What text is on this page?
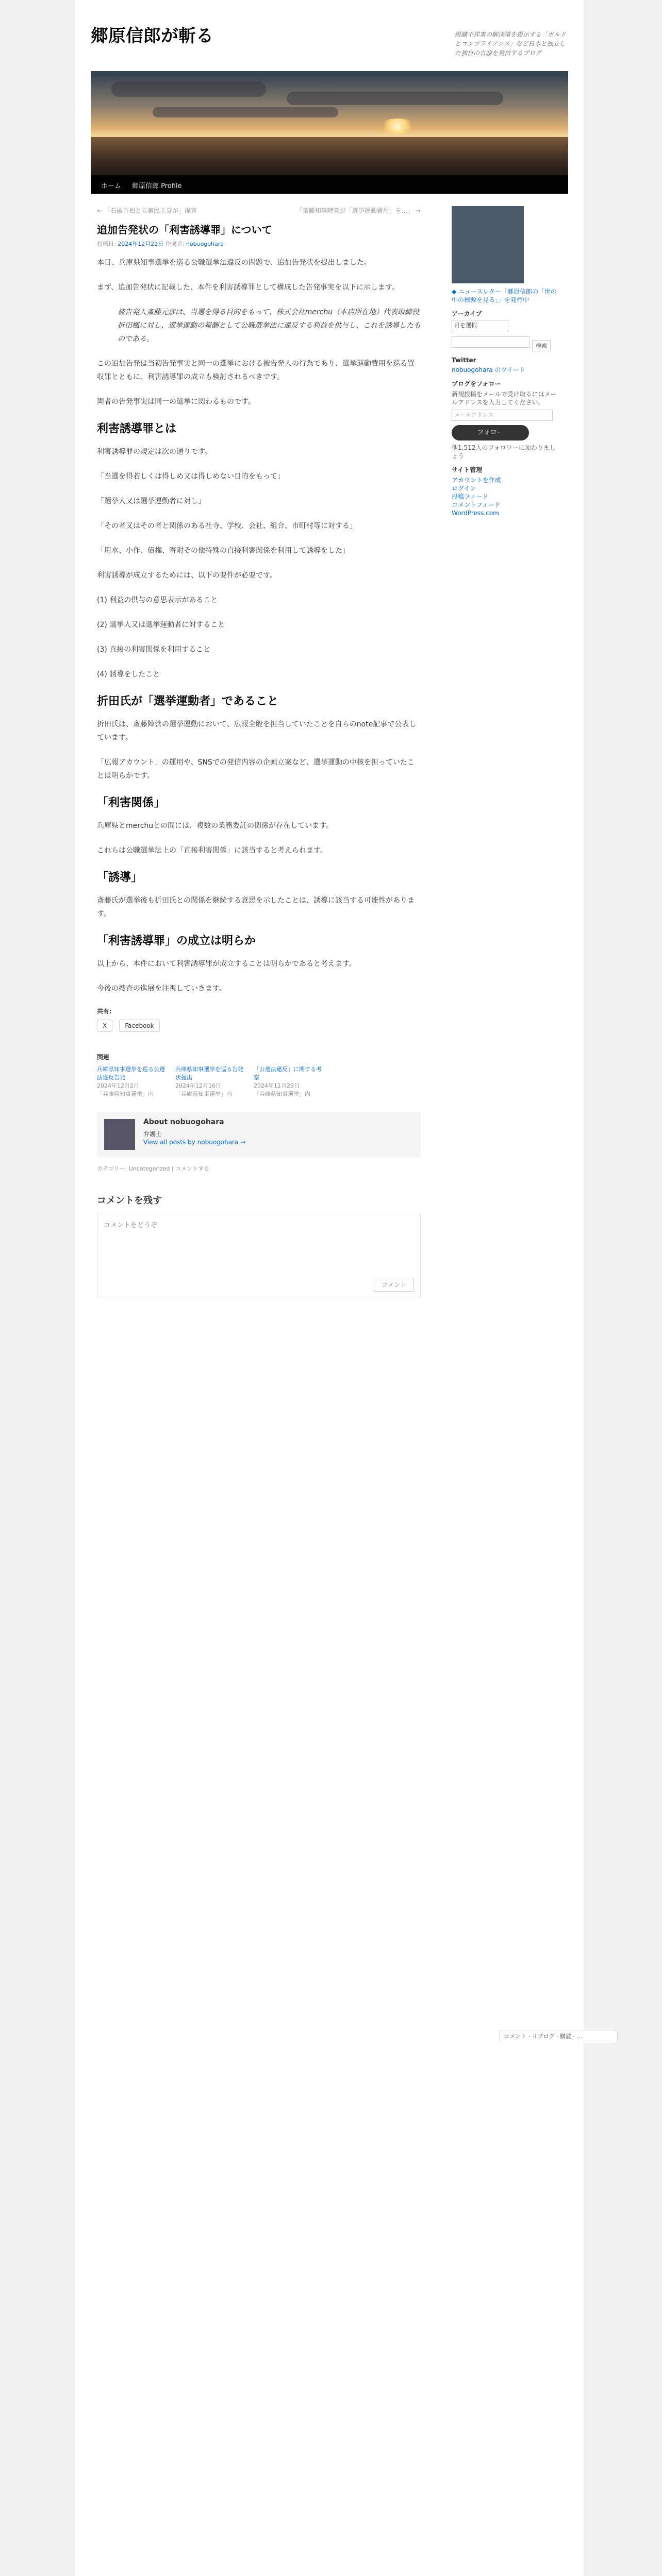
郷原信郎が斬る	組織不祥事の解決策を提示する「ボルドとコンプライアンス」など日本と独立した独自の言論を発信するブログ
ホーム 郷原信郎 Profile
← 「石破首相と立憲民主党が」提言	「斎藤知事陣営が「選挙運動費用」を...」 →
追加告発状の「利害誘導罪」について
投稿日: 2024年12月21日 作成者: nobuogohara

本日、兵庫県知事選挙を巡る公職選挙法違反の問題で、追加告発状を提出しました。

まず、追加告発状に記載した、本件を利害誘導罪として構成した告発事実を以下に示します。

被告発人斎藤元彦は、当選を得る目的をもって、株式会社merchu（本店所在地）代表取締役折田楓に対し、選挙運動の報酬として公職選挙法に違反する利益を供与し、これを誘導したものである。

この追加告発は当初告発事実と同一の選挙における被告発人の行為であり、選挙運動費用を巡る買収罪とともに、利害誘導罪の成立も検討されるべきです。

両者の告発事実は同一の選挙に関わるものです。

利害誘導罪とは

利害誘導罪の規定は次の通りです。

「当選を得若しくは得しめ又は得しめない目的をもって」

「選挙人又は選挙運動者に対し」

「その者又はその者と関係のある社寺、学校、会社、組合、市町村等に対する」

「用水、小作、債権、寄附その他特殊の直接利害関係を利用して誘導をした」

利害誘導が成立するためには、以下の要件が必要です。

(1) 利益の供与の意思表示があること

(2) 選挙人又は選挙運動者に対すること

(3) 直接の利害関係を利用すること

(4) 誘導をしたこと

折田氏が「選挙運動者」であること

折田氏は、斎藤陣営の選挙運動において、広報全般を担当していたことを自らのnote記事で公表しています。

「広報アカウント」の運用や、SNSでの発信内容の企画立案など、選挙運動の中核を担っていたことは明らかです。

「利害関係」

兵庫県とmerchuとの間には、複数の業務委託の関係が存在しています。

これらは公職選挙法上の「直接利害関係」に該当すると考えられます。

「誘導」

斎藤氏が選挙後も折田氏との関係を継続する意思を示したことは、誘導に該当する可能性があります。

「利害誘導罪」の成立は明らか

以上から、本件において利害誘導罪が成立することは明らかであると考えます。

今後の捜査の進展を注視していきます。

共有:
X	Facebook
関連
兵庫県知事選挙を巡る公選法違反告発
2024年12月2日
「兵庫県知事選挙」内
兵庫県知事選挙を巡る告発状提出
2024年12月16日
「兵庫県知事選挙」内
「公選法違反」に関する考察
2024年11月29日
「兵庫県知事選挙」内
About nobuogohara
弁護士
View all posts by nobuogohara →
カテゴリー: Uncategorized | コメントする
コメントを残す
コメントをどうぞ
コメント
◆ ニュースレター「郷原信郎の「世の中の根源を見る」」を発行中
アーカイブ
月を選択
検索
Twitter
nobuogohara のツイート
ブログをフォロー
新規投稿をメールで受け取るにはメールアドレスを入力してください。
メールアドレス
フォロー
他1,512人のフォロワーに加わりましょう
サイト管理
アカウントを作成
ログイン
投稿フィード
コメントフィード
WordPress.com
コメント · リブログ · 購読 · …
